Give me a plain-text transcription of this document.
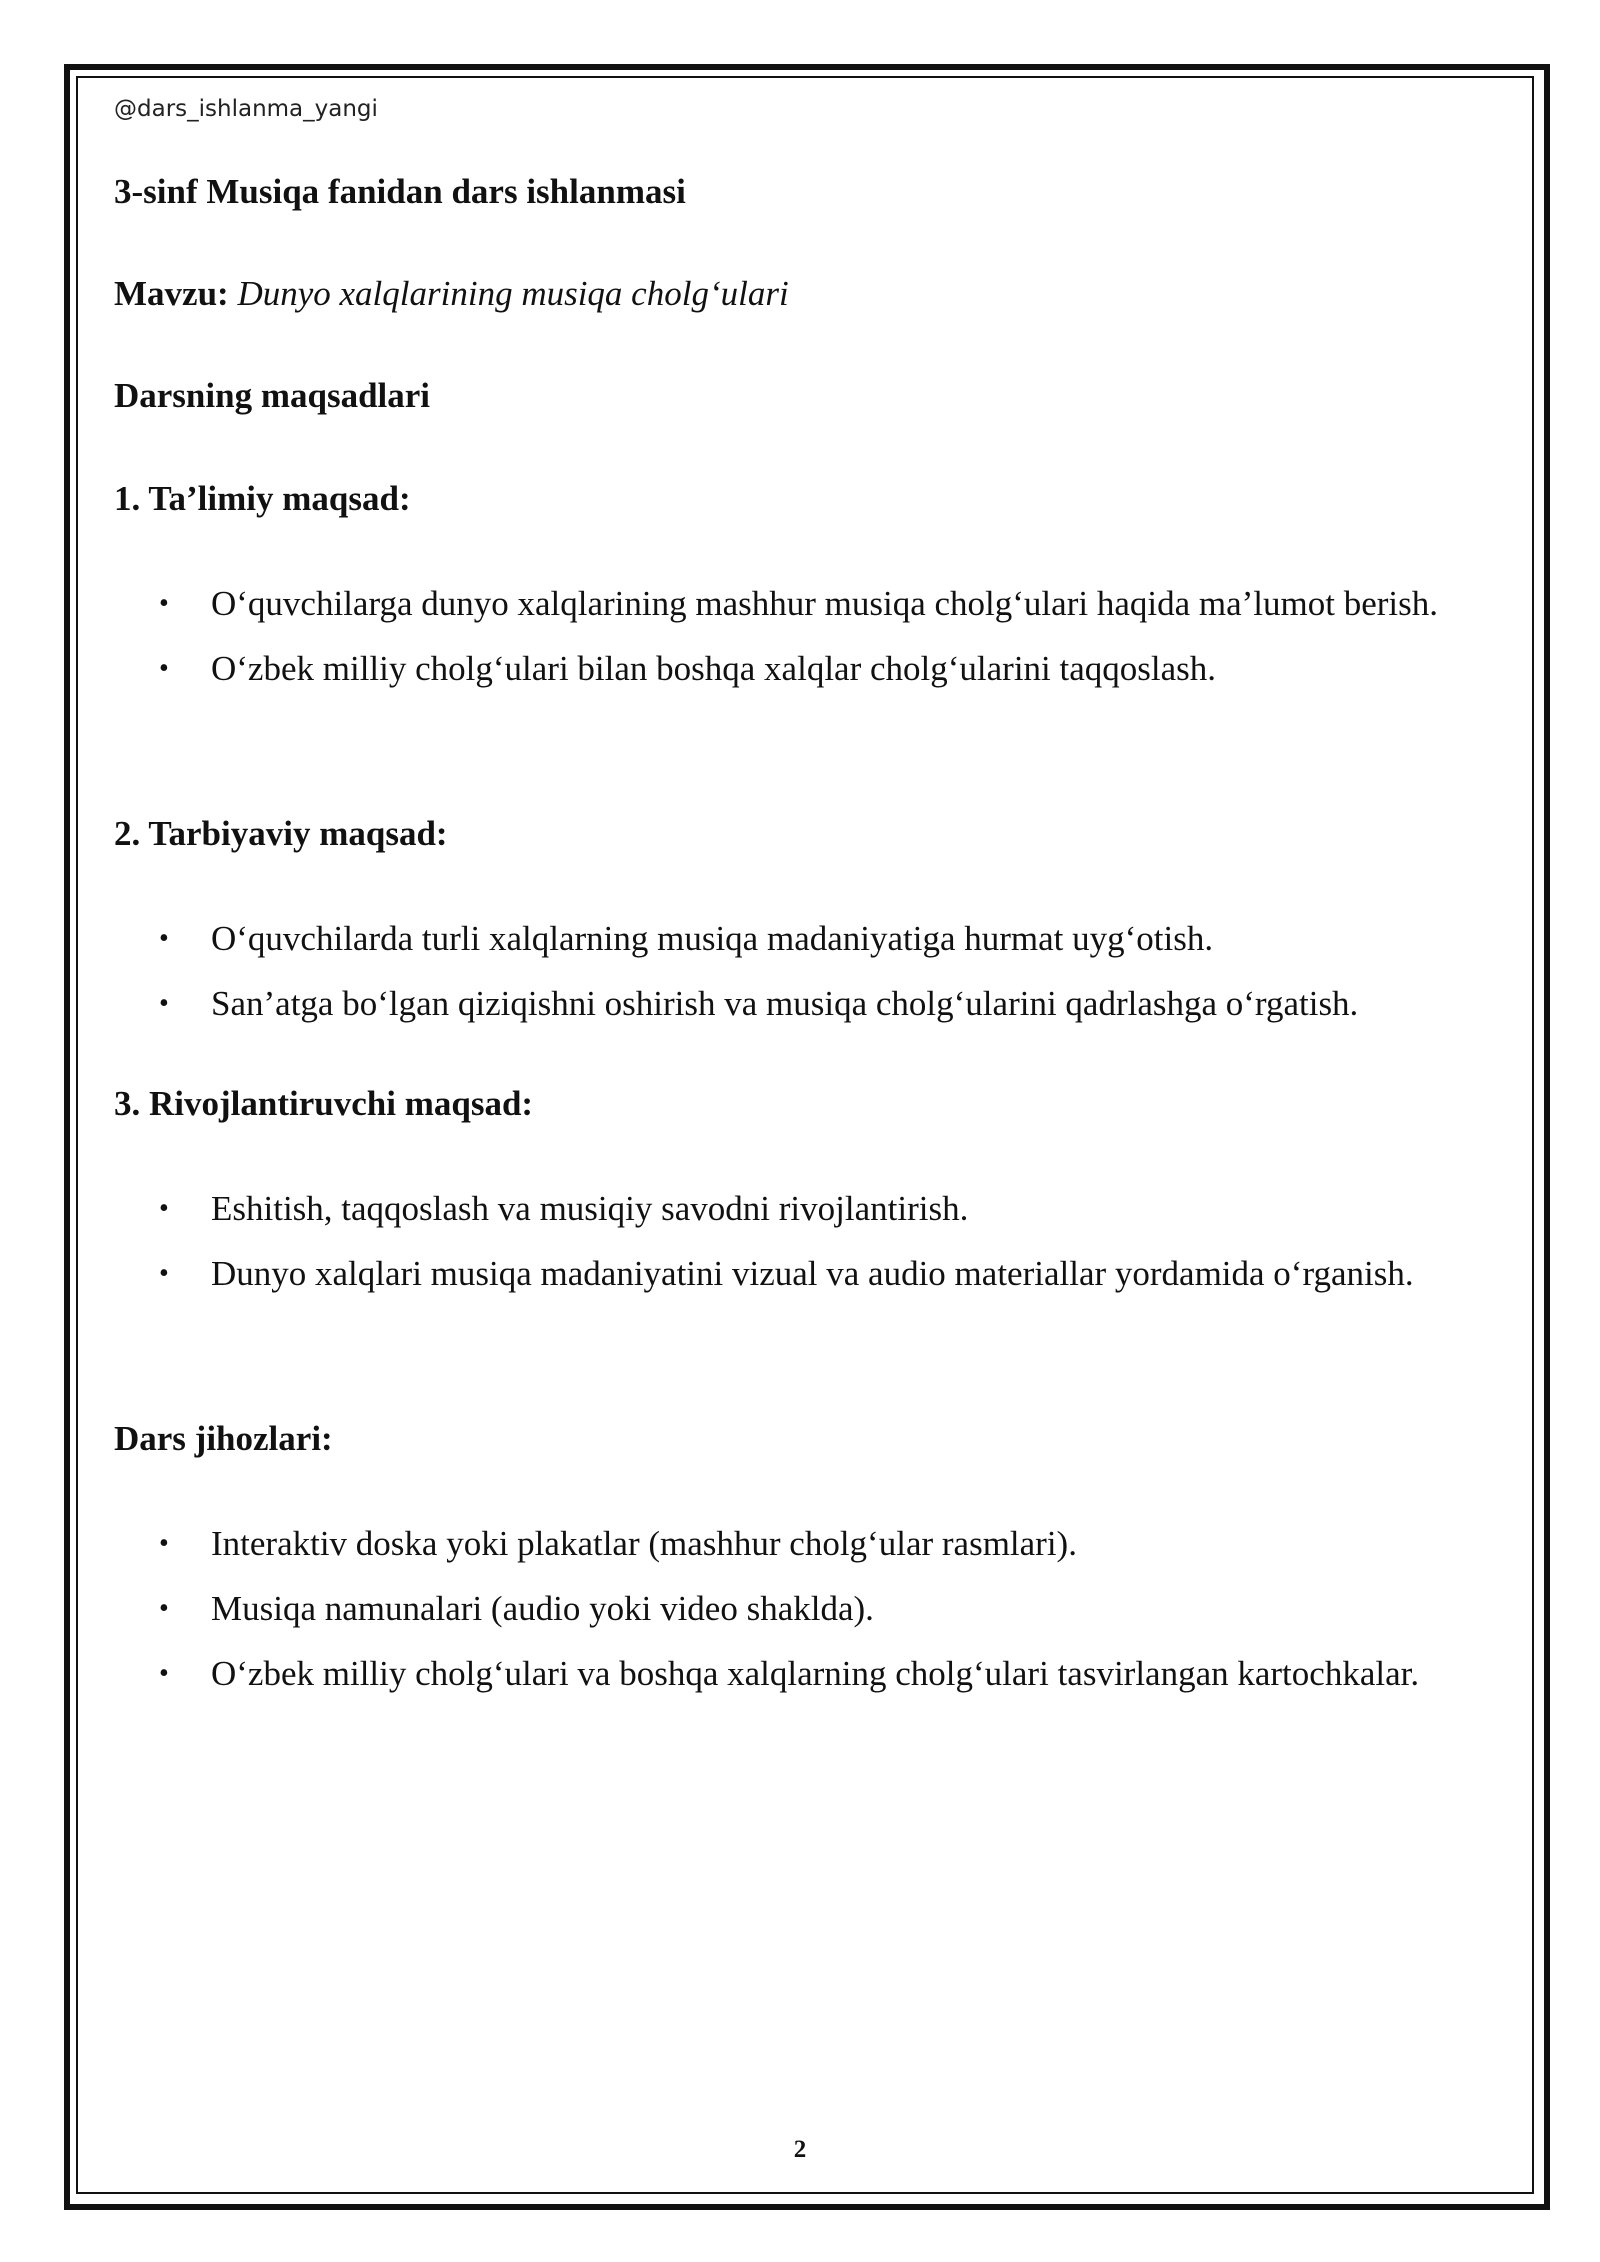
@dars_ishlanma_yangi
3-sinf Musiqa fanidan dars ishlanmasi
Mavzu: Dunyo xalqlarining musiqa cholg‘ulari
Darsning maqsadlari
1. Ta’limiy maqsad:
• O‘quvchilarga dunyo xalqlarining mashhur musiqa cholg‘ulari haqida ma’lumot berish.
• O‘zbek milliy cholg‘ulari bilan boshqa xalqlar cholg‘ularini taqqoslash.
2. Tarbiyaviy maqsad:
• O‘quvchilarda turli xalqlarning musiqa madaniyatiga hurmat uyg‘otish.
• San’atga bo‘lgan qiziqishni oshirish va musiqa cholg‘ularini qadrlashga o‘rgatish.
3. Rivojlantiruvchi maqsad:
• Eshitish, taqqoslash va musiqiy savodni rivojlantirish.
• Dunyo xalqlari musiqa madaniyatini vizual va audio materiallar yordamida o‘rganish.
Dars jihozlari:
• Interaktiv doska yoki plakatlar (mashhur cholg‘ular rasmlari).
• Musiqa namunalari (audio yoki video shaklda).
• O‘zbek milliy cholg‘ulari va boshqa xalqlarning cholg‘ulari tasvirlangan kartochkalar.
2
